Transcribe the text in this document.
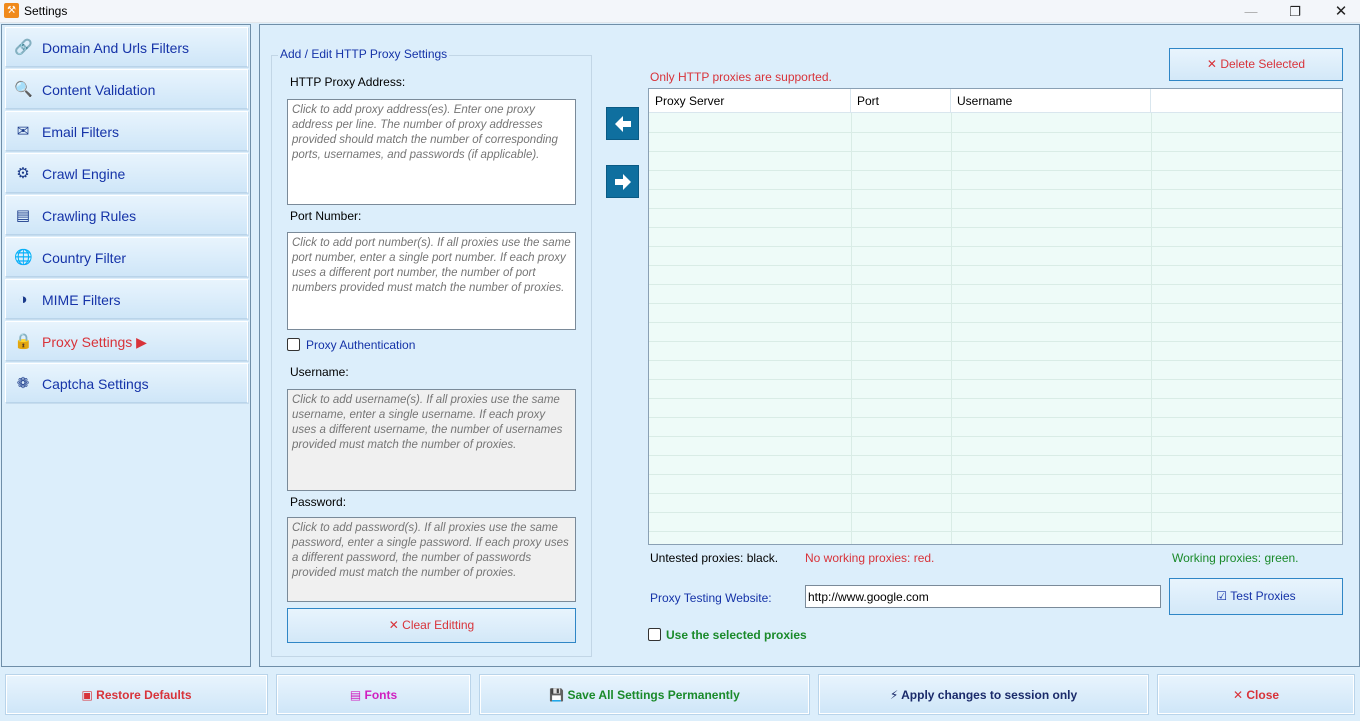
⚒ Settings	—	❐	✕
🔗 Domain And Urls Filters
🔍 Content Validation
✉ Email Filters
⚙ Crawl Engine
▤ Crawling Rules
🌐 Country Filter
◑	MIME Filters
🔒 Proxy Settings ▶
❁ Captcha Settings
Add / Edit HTTP Proxy Settings
HTTP Proxy Address:
Click to add proxy address(es). Enter one proxy address per line. The number of proxy addresses provided should match the number of corresponding ports, usernames, and passwords (if applicable).
Port Number:
Click to add port number(s). If all proxies use the same port number, enter a single port number. If each proxy uses a different port number, the number of port numbers provided must match the number of proxies.
Proxy Authentication
Username:
Click to add username(s). If all proxies use the same username, enter a single username. If each proxy uses a different username, the number of usernames provided must match the number of proxies.
Password:
Click to add password(s). If all proxies use the same password, enter a single password. If each proxy uses a different password, the number of passwords provided must match the number of proxies.
✕ Clear Editting
Only HTTP proxies are supported.
✕ Delete Selected
Proxy Server	Port	Username
Untested proxies: black. No working proxies: red.	Working proxies: green.
Proxy Testing Website:
http://www.google.com	☑ Test Proxies
Use the selected proxies
▣ Restore Defaults	▤ Fonts	💾 Save All Settings Permanently	⚡ Apply changes to session only	✕ Close
